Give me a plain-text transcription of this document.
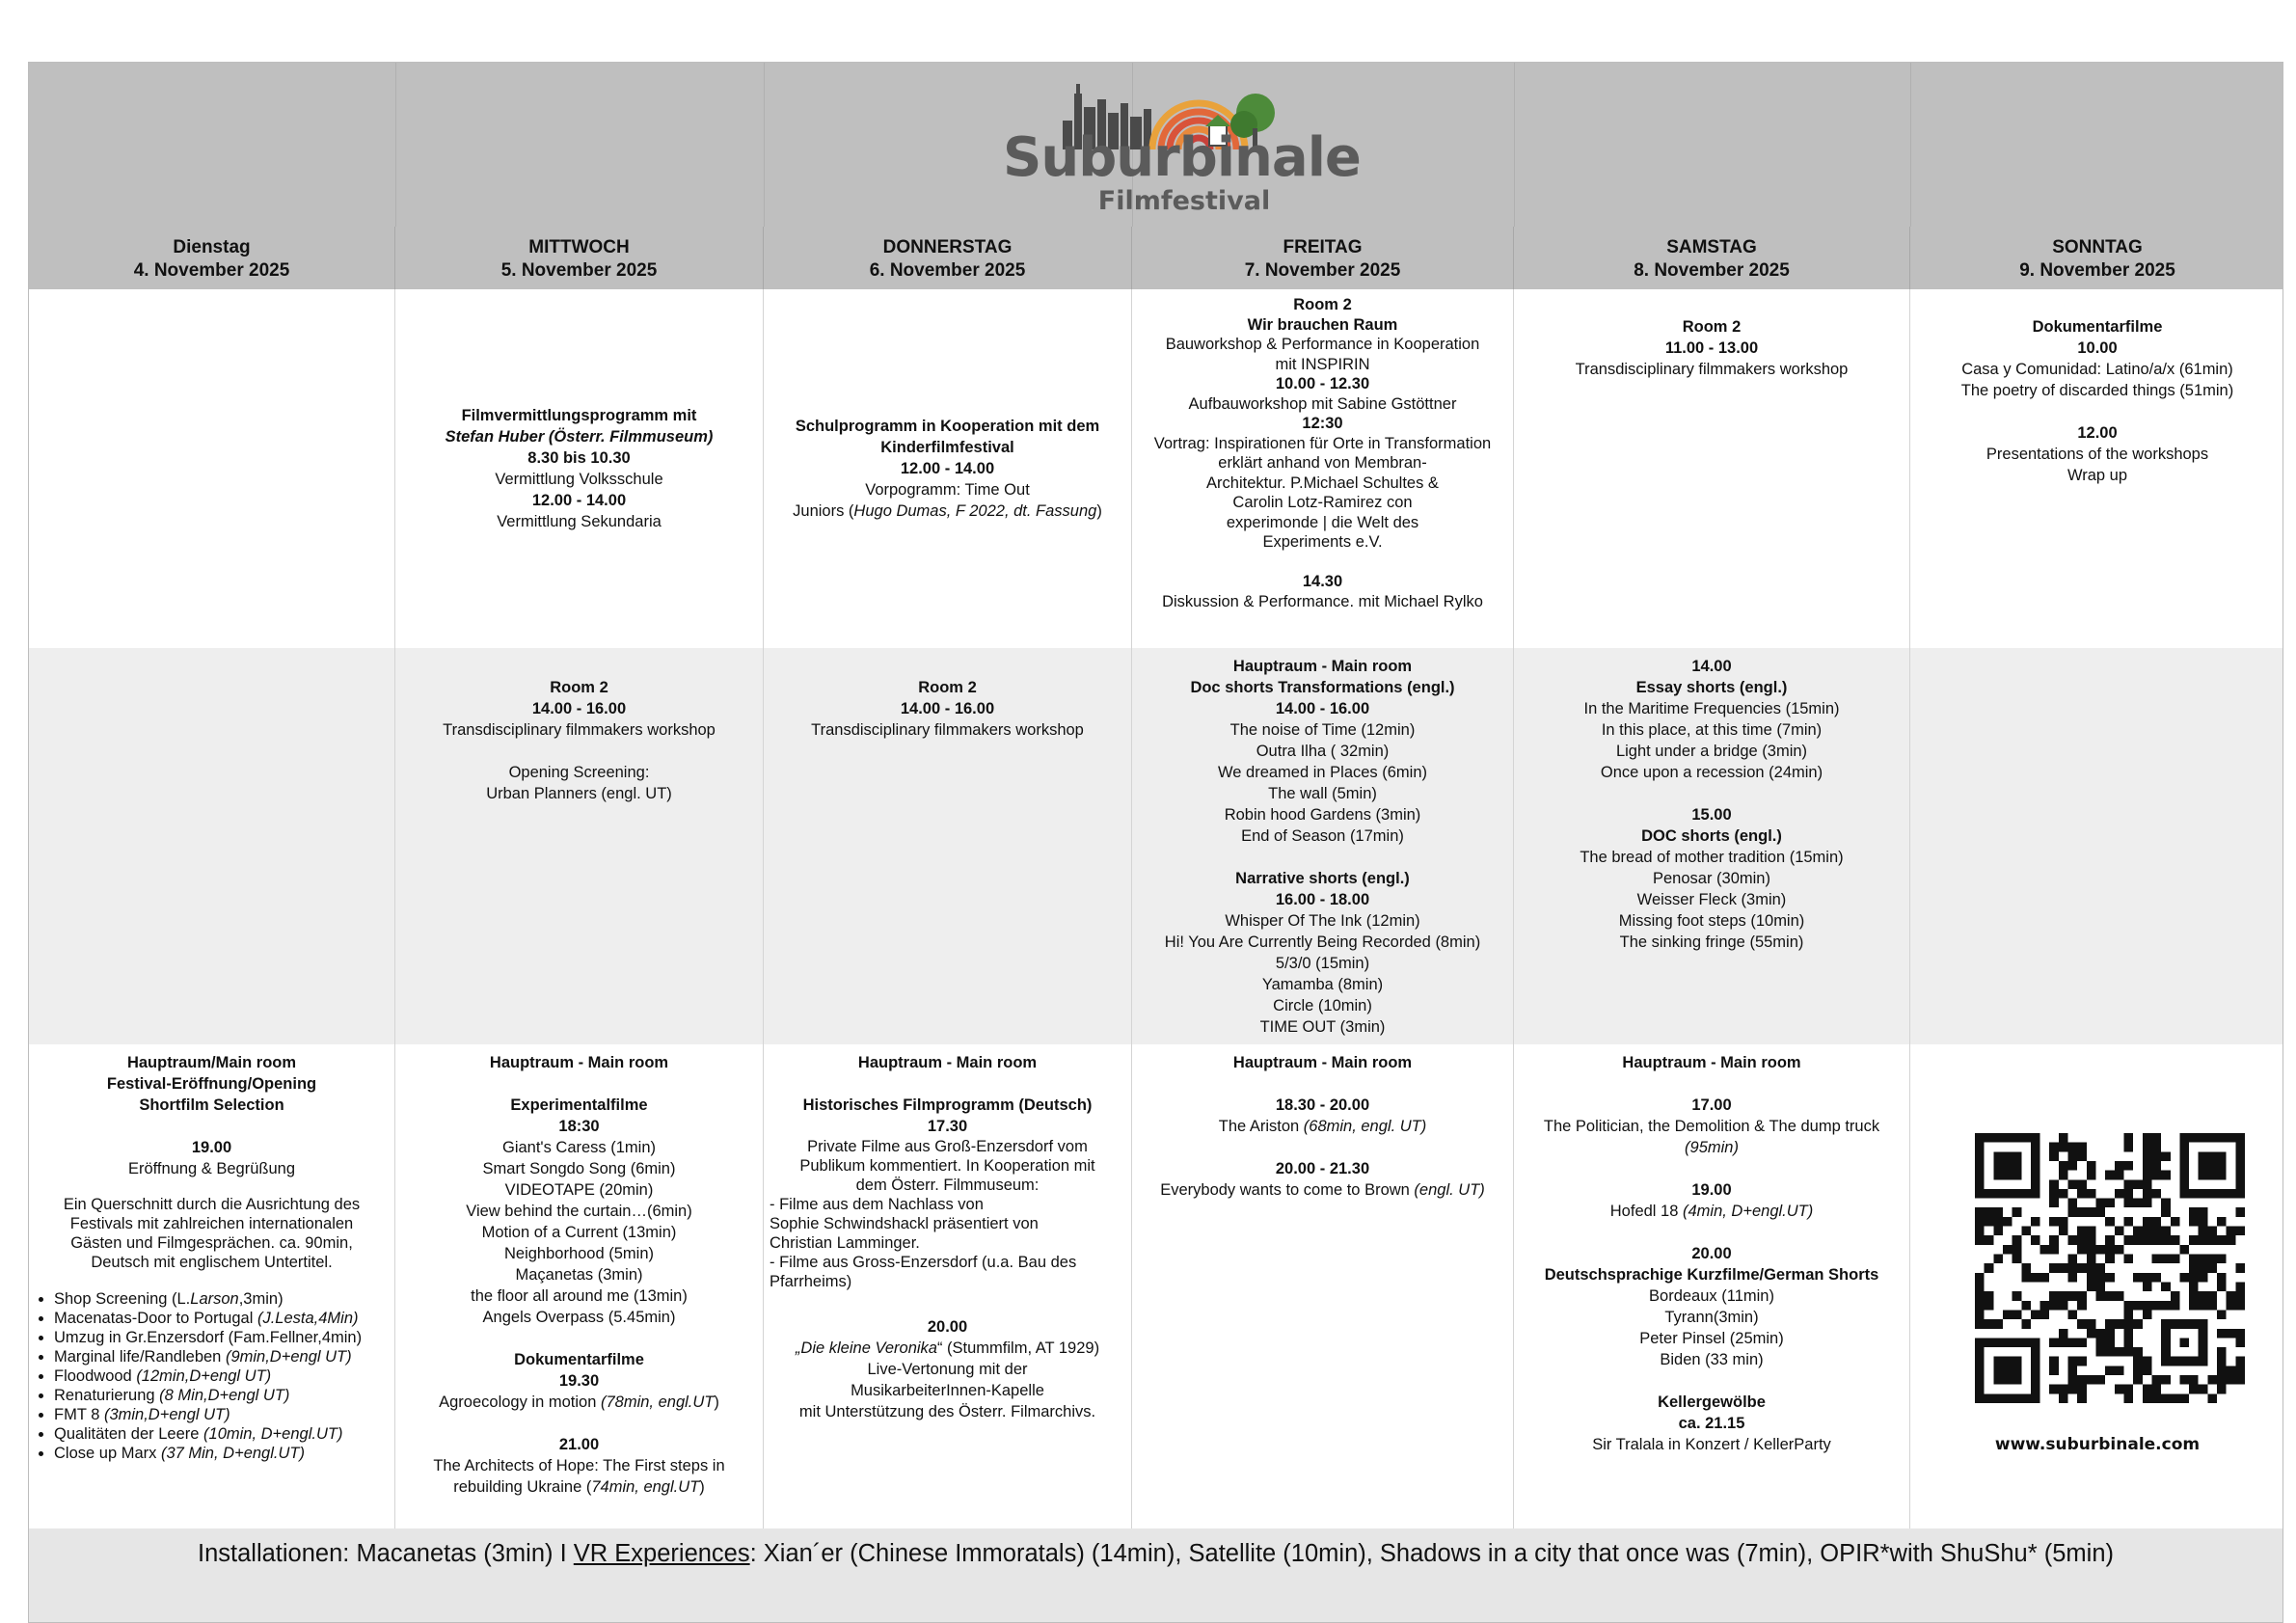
Suburbinale
Filmfestival
Dienstag
4. November 2025
MITTWOCH
5. November 2025
DONNERSTAG
6. November 2025
FREITAG
7. November 2025
SAMSTAG
8. November 2025
SONNTAG
9. November 2025
Filmvermittlungsprogramm mit
Stefan Huber (Österr. Filmmuseum)
8.30 bis 10.30
Vermittlung Volksschule
12.00 - 14.00
Vermittlung Sekundaria
Schulprogramm in Kooperation mit dem
Kinderfilmfestival
12.00 - 14.00
Vorpogramm: Time Out
Juniors (Hugo Dumas, F 2022, dt. Fassung)
Room 2
Wir brauchen Raum
Bauworkshop & Performance in Kooperation
mit INSPIRIN
10.00 - 12.30
Aufbauworkshop mit Sabine Gstöttner
12:30
Vortrag: Inspirationen für Orte in Transformation
erklärt anhand von Membran-
Architektur. P.Michael Schultes &
Carolin Lotz-Ramirez con
experimonde | die Welt des
Experiments e.V.
14.30
Diskussion & Performance. mit Michael Rylko
Room 2
11.00 - 13.00
Transdisciplinary filmmakers workshop
Dokumentarfilme
10.00
Casa y Comunidad: Latino/a/x (61min)
The poetry of discarded things (51min)
12.00
Presentations of the workshops
Wrap up
Room 2
14.00 - 16.00
Transdisciplinary filmmakers workshop
Opening Screening:
Urban Planners (engl. UT)
Room 2
14.00 - 16.00
Transdisciplinary filmmakers workshop
Hauptraum - Main room
Doc shorts Transformations (engl.)
14.00 - 16.00
The noise of Time (12min)
Outra Ilha ( 32min)
We dreamed in Places (6min)
The wall (5min)
Robin hood Gardens (3min)
End of Season (17min)
Narrative shorts (engl.)
16.00 - 18.00
Whisper Of The Ink (12min)
Hi! You Are Currently Being Recorded (8min)
5/3/0 (15min)
Yamamba (8min)
Circle (10min)
TIME OUT (3min)
14.00
Essay shorts (engl.)
In the Maritime Frequencies (15min)
In this place, at this time (7min)
Light under a bridge (3min)
Once upon a recession (24min)
15.00
DOC shorts (engl.)
The bread of mother tradition (15min)
Penosar (30min)
Weisser Fleck (3min)
Missing foot steps (10min)
The sinking fringe (55min)
Hauptraum/Main room
Festival-Eröffnung/Opening
Shortfilm Selection
19.00
Eröffnung & Begrüßung
Ein Querschnitt durch die Ausrichtung des
Festivals mit zahlreichen internationalen
Gästen und Filmgesprächen. ca. 90min,
Deutsch mit englischem Untertitel.
• Shop Screening (L.Larson,3min)
• Macenatas-Door to Portugal (J.Lesta,4Min)
• Umzug in Gr.Enzersdorf (Fam.Fellner,4min)
• Marginal life/Randleben (9min,D+engl UT)
• Floodwood (12min,D+engl UT)
• Renaturierung (8 Min,D+engl UT)
• FMT 8 (3min,D+engl UT)
• Qualitäten der Leere (10min, D+engl.UT)
• Close up Marx (37 Min, D+engl.UT)
Hauptraum - Main room
Experimentalfilme
18:30
Giant's Caress (1min)
Smart Songdo Song (6min)
VIDEOTAPE (20min)
View behind the curtain…(6min)
Motion of a Current (13min)
Neighborhood (5min)
Maçanetas (3min)
the floor all around me (13min)
Angels Overpass (5.45min)
Dokumentarfilme
19.30
Agroecology in motion (78min, engl.UT)
21.00
The Architects of Hope: The First steps in
rebuilding Ukraine (74min, engl.UT)
Hauptraum - Main room
Historisches Filmprogramm (Deutsch)
17.30
Private Filme aus Groß-Enzersdorf vom
Publikum kommentiert. In Kooperation mit
dem Österr. Filmmuseum:
- Filme aus dem Nachlass von
Sophie Schwindshackl präsentiert von
Christian Lamminger.
- Filme aus Gross-Enzersdorf (u.a. Bau des
Pfarrheims)
20.00
„Die kleine Veronika“ (Stummfilm, AT 1929)
Live-Vertonung mit der
MusikarbeiterInnen-Kapelle
mit Unterstützung des Österr. Filmarchivs.
Hauptraum - Main room
18.30 - 20.00
The Ariston (68min, engl. UT)
20.00 - 21.30
Everybody wants to come to Brown (engl. UT)
Hauptraum - Main room
17.00
The Politician, the Demolition & The dump truck
(95min)
19.00
Hofedl 18 (4min, D+engl.UT)
20.00
Deutschsprachige Kurzfilme/German Shorts
Bordeaux (11min)
Tyrann(3min)
Peter Pinsel (25min)
Biden (33 min)
Kellergewölbe
ca. 21.15
Sir Tralala in Konzert / KellerParty	www.suburbinale.com
Installationen: Macanetas (3min) I VR Experiences: Xian´er (Chinese Immoratals) (14min), Satellite (10min), Shadows in a city that once was (7min), OPIR*with ShuShu* (5min)
